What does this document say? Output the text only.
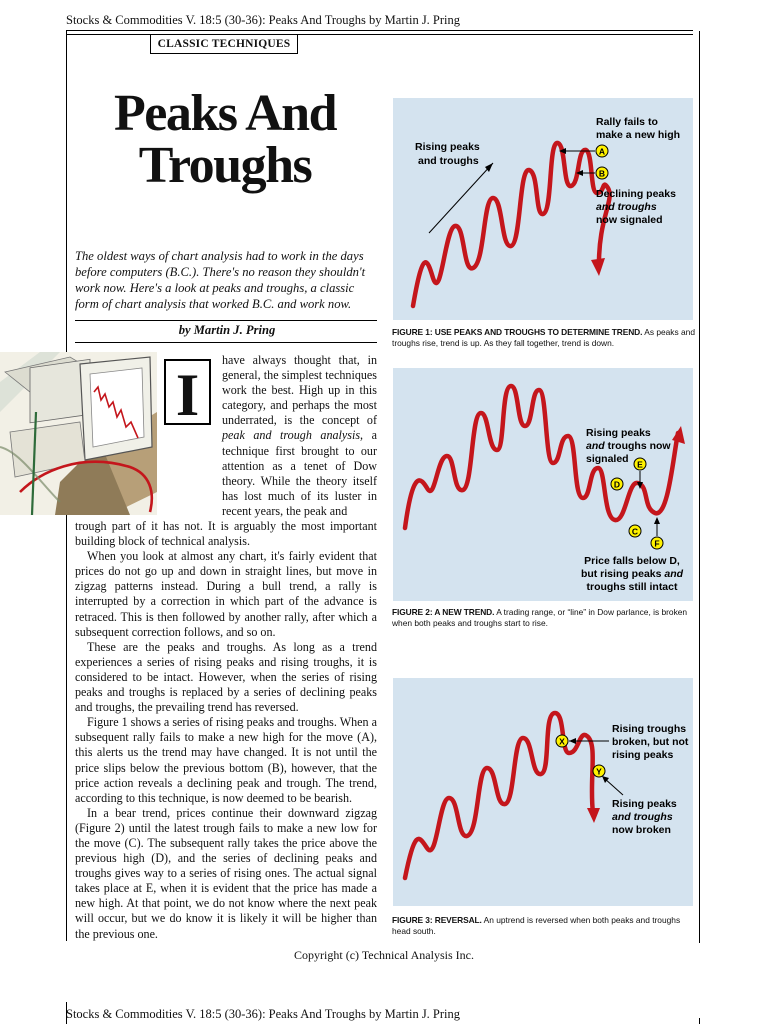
Stocks & Commodities V. 18:5 (30-36): Peaks And Troughs by Martin J. Pring
CLASSIC TECHNIQUES
Peaks And
Troughs
The oldest ways of chart analysis had to work in the days before computers (B.C.). There's no reason they shouldn't work now. Here's a look at peaks and troughs, a classic form of chart analysis that worked B.C. and work now.
by Martin J. Pring
I

have always thought that, in general, the simplest techniques work the best. High up in this category, and perhaps the most underrated, is the concept of peak and trough analysis, a technique first brought to our attention as a tenet of Dow theory. While the theory itself has lost much of its luster in recent years, the peak and

trough part of it has not. It is arguably the most important building block of technical analysis.

When you look at almost any chart, it's fairly evident that prices do not go up and down in straight lines, but move in zigzag patterns instead. During a bull trend, a rally is interrupted by a correction in which part of the advance is retraced. This is then followed by another rally, after which a subsequent correction follows, and so on.

These are the peaks and troughs. As long as a trend experiences a series of rising peaks and rising troughs, it is considered to be intact. However, when the series of rising peaks and troughs is replaced by a series of declining peaks and troughs, the prevailing trend has reversed.

Figure 1 shows a series of rising peaks and troughs. When a subsequent rally fails to make a new high for the move (A), this alerts us the trend may have changed. It is not until the price slips below the previous bottom (B), however, that the price action reveals a declining peak and trough. The trend, according to this technique, is now deemed to be bearish.

In a bear trend, prices continue their downward zigzag (Figure 2) until the latest trough fails to make a new low for the move (C). The subsequent rally takes the price above the previous high (D), and the series of declining peaks and troughs gives way to a series of rising ones. The actual signal takes place at E, when it is evident that the price has made a new high. At that point, we do not know where the next peak will occur, but we do know it is likely it will be higher than the previous one.

Rising peaks
and troughs
Rally fails to
make a new high
A
B
Declining peaks
and troughs
now signaled
FIGURE 1: USE PEAKS AND TROUGHS TO DETERMINE TREND. As peaks and troughs rise, trend is up. As they fall together, trend is down.
Rising peaks
and troughs now
signaled E
D
C
F
Price falls below D,
but rising peaks and
troughs still intact
FIGURE 2: A NEW TREND. A trading range, or “line” in Dow parlance, is broken when both peaks and troughs start to rise.
X
Y
Rising troughs
broken, but not
rising peaks
Rising peaks
and troughs
now broken
FIGURE 3: REVERSAL. An uptrend is reversed when both peaks and troughs head south.
Copyright (c) Technical Analysis Inc.
Stocks & Commodities V. 18:5 (30-36): Peaks And Troughs by Martin J. Pring
